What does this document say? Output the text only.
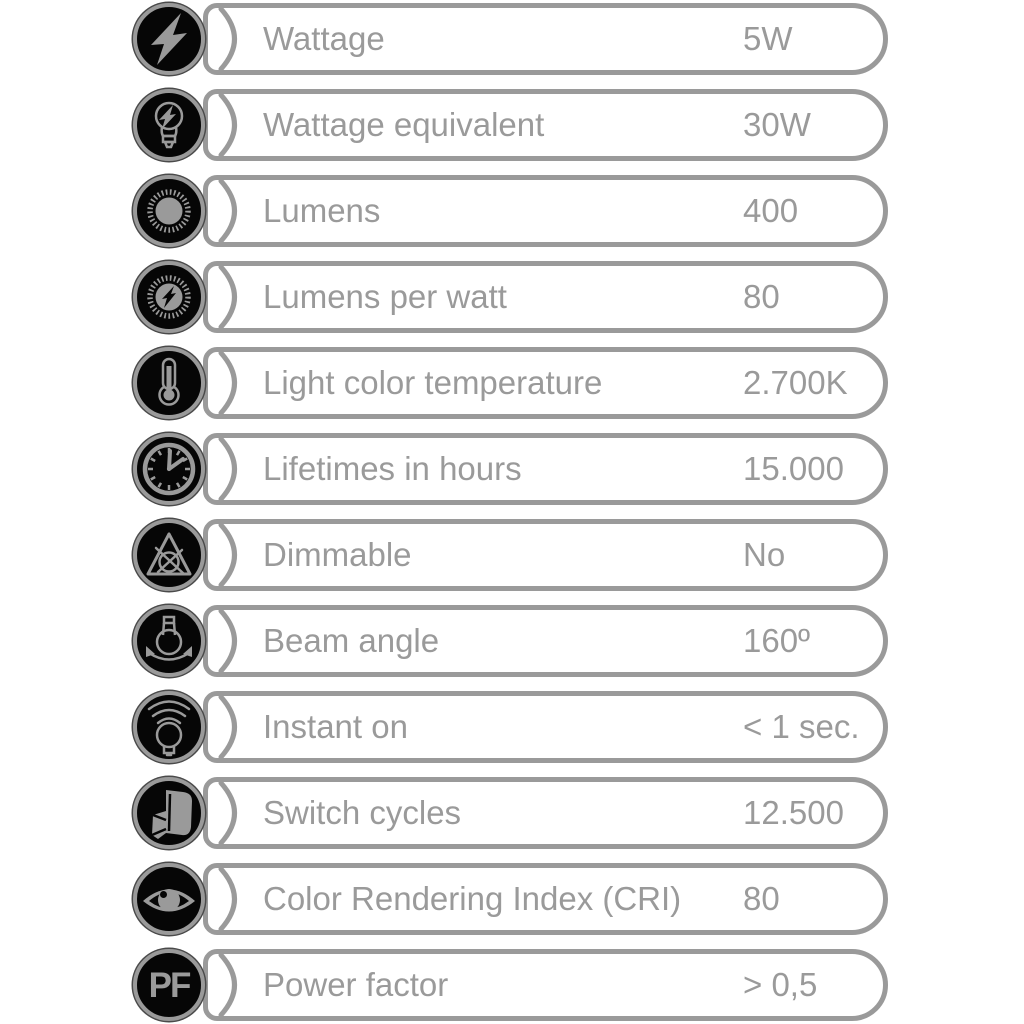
Wattage	5W
Wattage equivalent	30W
Lumens	400
Lumens per watt	80
Light color temperature	2.700K
Lifetimes in hours	15.000
Dimmable	No
Beam angle	160º
Instant on	< 1 sec.
Switch cycles	12.500
Color Rendering Index (CRI) 80
PF Power factor	> 0,5
